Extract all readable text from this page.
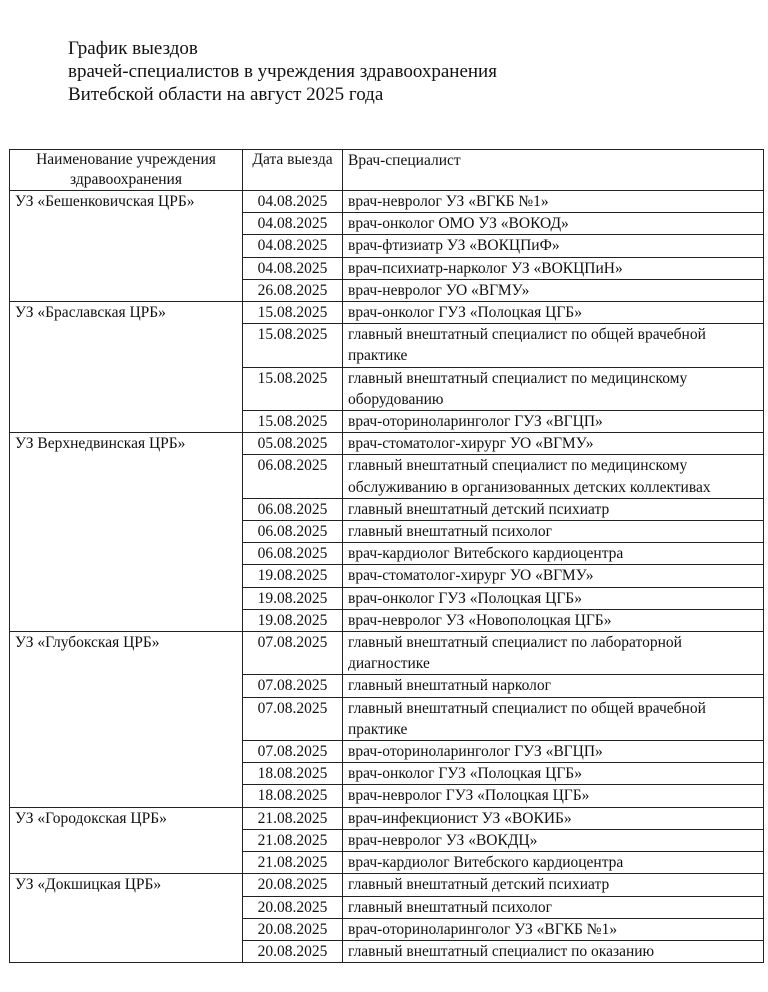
График выездов
врачей-специалистов в учреждения здравоохранения
Витебской области на август 2025 года
Наименование учреждения здравоохранения	Дата выезда	Врач-специалист
УЗ «Бешенковичская ЦРБ»	04.08.2025	врач-невролог УЗ «ВГКБ №1»
	04.08.2025	врач-онколог ОМО УЗ «ВОКОД»
	04.08.2025	врач-фтизиатр УЗ «ВОКЦПиФ»
	04.08.2025	врач-психиатр-нарколог УЗ «ВОКЦПиН»
	26.08.2025	врач-невролог УО «ВГМУ»
УЗ «Браславская ЦРБ»	15.08.2025	врач-онколог ГУЗ «Полоцкая ЦГБ»
	15.08.2025	главный внештатный специалист по общей врачебной практике
	15.08.2025	главный внештатный специалист по медицинскому оборудованию
	15.08.2025	врач-оториноларинголог ГУЗ «ВГЦП»
УЗ Верхнедвинская ЦРБ»	05.08.2025	врач-стоматолог-хирург УО «ВГМУ»
	06.08.2025	главный внештатный специалист по медицинскому обслуживанию в организованных детских коллективах
	06.08.2025	главный внештатный детский психиатр
	06.08.2025	главный внештатный психолог
	06.08.2025	врач-кардиолог Витебского кардиоцентра
	19.08.2025	врач-стоматолог-хирург УО «ВГМУ»
	19.08.2025	врач-онколог ГУЗ «Полоцкая ЦГБ»
	19.08.2025	врач-невролог УЗ «Новополоцкая ЦГБ»
УЗ «Глубокская ЦРБ»	07.08.2025	главный внештатный специалист по лабораторной диагностике
	07.08.2025	главный внештатный нарколог
	07.08.2025	главный внештатный специалист по общей врачебной практике
	07.08.2025	врач-оториноларинголог ГУЗ «ВГЦП»
	18.08.2025	врач-онколог ГУЗ «Полоцкая ЦГБ»
	18.08.2025	врач-невролог ГУЗ «Полоцкая ЦГБ»
УЗ «Городокская ЦРБ»	21.08.2025	врач-инфекционист УЗ «ВОКИБ»
	21.08.2025	врач-невролог УЗ «ВОКДЦ»
	21.08.2025	врач-кардиолог Витебского кардиоцентра
УЗ «Докшицкая ЦРБ»	20.08.2025	главный внештатный детский психиатр
	20.08.2025	главный внештатный психолог
	20.08.2025	врач-оториноларинголог УЗ «ВГКБ №1»
	20.08.2025	главный внештатный специалист по оказанию
